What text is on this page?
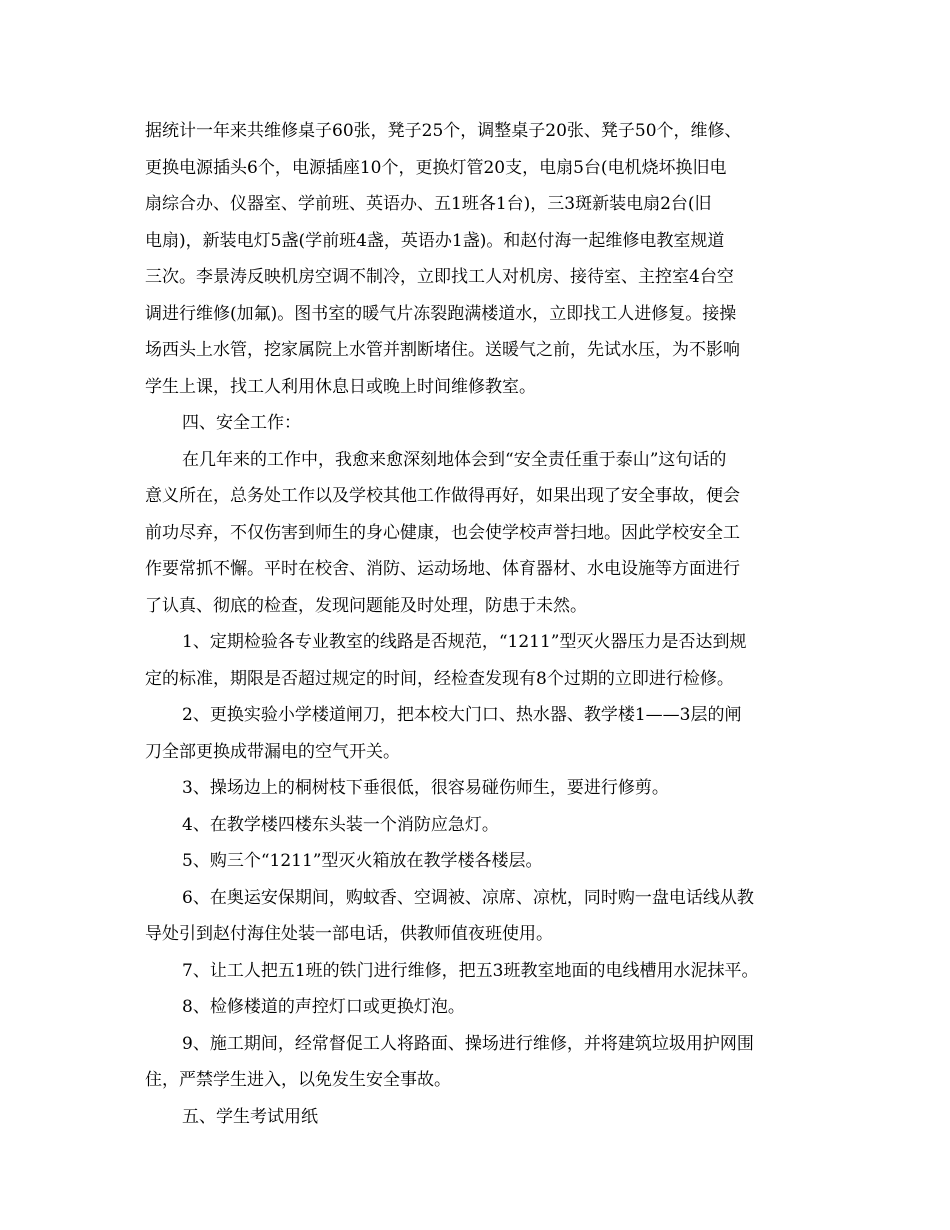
据统计一年来共维修桌子60张，凳子25个，调整桌子20张、凳子50个，维修、
更换电源插头6个，电源插座10个，更换灯管20支，电扇5台(电机烧坏换旧电
扇综合办、仪器室、学前班、英语办、五1班各1台)，三3斑新装电扇2台(旧
电扇)，新装电灯5盏(学前班4盏，英语办1盏)。和赵付海一起维修电教室规道
三次。李景涛反映机房空调不制冷，立即找工人对机房、接待室、主控室4台空
调进行维修(加氟)。图书室的暖气片冻裂跑满楼道水，立即找工人进修复。接操
场西头上水管，挖家属院上水管并割断堵住。送暖气之前，先试水压，为不影响
学生上课，找工人利用休息日或晚上时间维修教室。
四、安全工作：
在几年来的工作中，我愈来愈深刻地体会到“安全责任重于泰山”这句话的
意义所在，总务处工作以及学校其他工作做得再好，如果出现了安全事故，便会
前功尽弃，不仅伤害到师生的身心健康，也会使学校声誉扫地。因此学校安全工
作要常抓不懈。平时在校舍、消防、运动场地、体育器材、水电设施等方面进行
了认真、彻底的检查，发现问题能及时处理，防患于未然。
1、定期检验各专业教室的线路是否规范，“1211”型灭火器压力是否达到规
定的标准，期限是否超过规定的时间，经检查发现有8个过期的立即进行检修。
2、更换实验小学楼道闸刀，把本校大门口、热水器、教学楼1——3层的闸
刀全部更换成带漏电的空气开关。
3、操场边上的桐树枝下垂很低，很容易碰伤师生，要进行修剪。
4、在教学楼四楼东头装一个消防应急灯。
5、购三个“1211”型灭火箱放在教学楼各楼层。
6、在奥运安保期间，购蚊香、空调被、凉席、凉枕，同时购一盘电话线从教
导处引到赵付海住处装一部电话，供教师值夜班使用。
7、让工人把五1班的铁门进行维修，把五3班教室地面的电线槽用水泥抹平。
8、检修楼道的声控灯口或更换灯泡。
9、施工期间，经常督促工人将路面、操场进行维修，并将建筑垃圾用护网围
住，严禁学生进入，以免发生安全事故。
五、学生考试用纸
